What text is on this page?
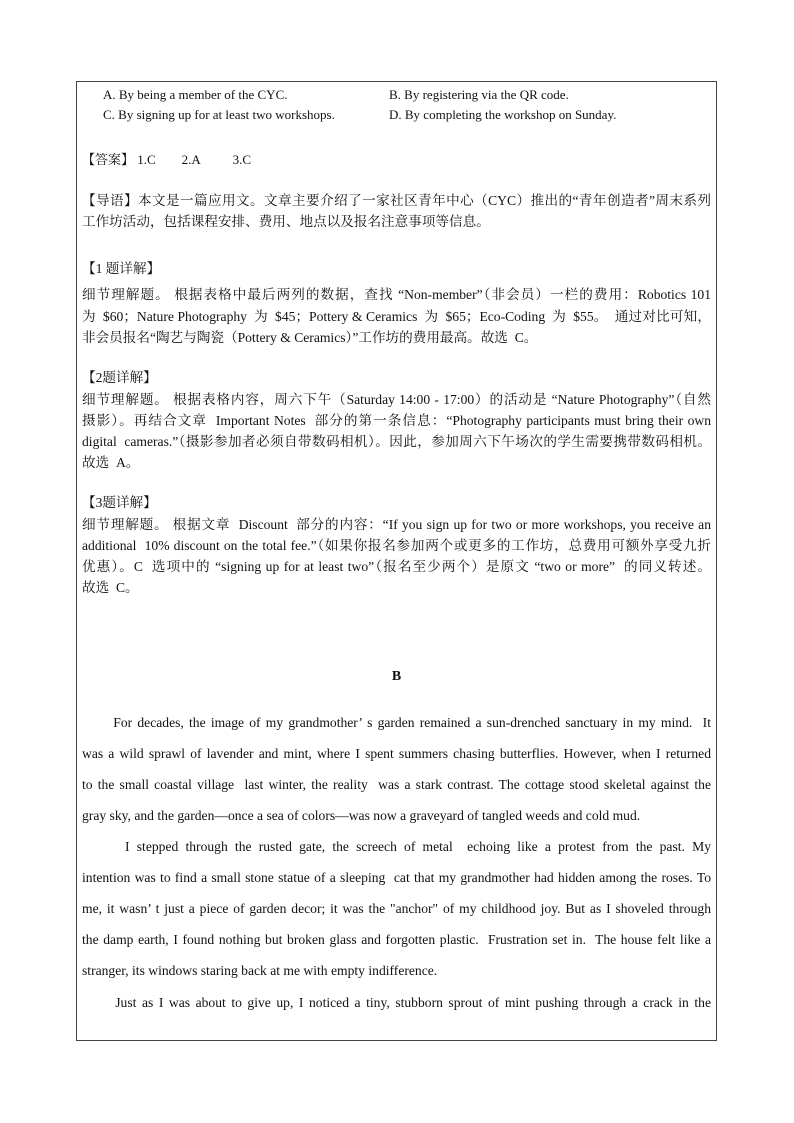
A. By being a member of the CYC.	B. By registering via the QR code.
C. By signing up for at least two workshops.	D. By completing the workshop on Sunday.
【答案】 1.C        2.A          3.C
【导语】本文是一篇应用文。文章主要介绍了一家社区青年中心（CYC）推出的“青年创造者”周末系列
工作坊活动，包括课程安排、费用、地点以及报名注意事项等信息。
【1 题详解】
细节理解题。 根据表格中最后两列的数据，查找 “Non-member”（非会员）一栏的费用：Robotics 101
为  $60；Nature Photography  为  $45；Pottery & Ceramics  为  $65；Eco-Coding  为  $55。  通过对比可知，
非会员报名“陶艺与陶瓷（Pottery & Ceramics）”工作坊的费用最高。故选  C。
【2题详解】
细节理解题。 根据表格内容，周六下午（Saturday 14:00 - 17:00）的活动是 “Nature Photography”（自然
摄影）。再结合文章  Important Notes  部分的第一条信息：“Photography participants must bring their own
digital  cameras.”（摄影参加者必须自带数码相机）。因此，参加周六下午场次的学生需要携带数码相机。
故选  A。
【3题详解】
细节理解题。 根据文章  Discount  部分的内容：“If you sign up for two or more workshops, you receive an
additional  10% discount on the total fee.”（如果你报名参加两个或更多的工作坊，总费用可额外享受九折
优惠）。C  选项中的 “signing up for at least two”（报名至少两个）是原文 “two or more”  的同义转述。
故选  C。
B
For decades, the image of my grandmother’ s garden remained a sun-drenched sanctuary in my mind.  It
was a wild sprawl of lavender and mint, where I spent summers chasing butterflies. However, when I returned
to the small coastal village  last winter, the reality  was a stark contrast. The cottage stood skeletal against the
gray sky, and the garden—once a sea of colors—was now a graveyard of tangled weeds and cold mud.
I stepped through the rusted gate, the screech of metal  echoing like a protest from the past. My
intention was to find a small stone statue of a sleeping  cat that my grandmother had hidden among the roses. To
me, it wasn’ t just a piece of garden decor; it was the "anchor" of my childhood joy. But as I shoveled through
the damp earth, I found nothing but broken glass and forgotten plastic.  Frustration set in.  The house felt like a
stranger, its windows staring back at me with empty indifference.
Just as I was about to give up, I noticed a tiny, stubborn sprout of mint pushing through a crack in the
